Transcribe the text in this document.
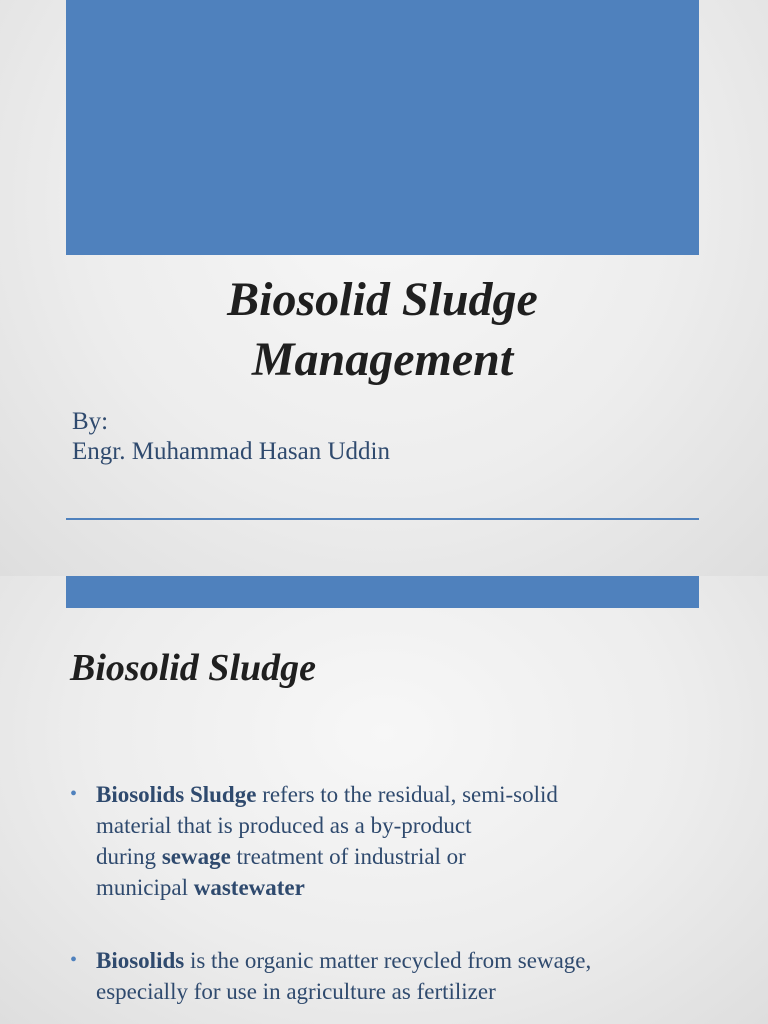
Biosolid Sludge
Management
By:
Engr. Muhammad Hasan Uddin
Biosolid Sludge
• Biosolids Sludge refers to the residual, semi-solid
material that is produced as a by-product
during sewage treatment of industrial or
municipal wastewater
• Biosolids is the organic matter recycled from sewage,
especially for use in agriculture as fertilizer
